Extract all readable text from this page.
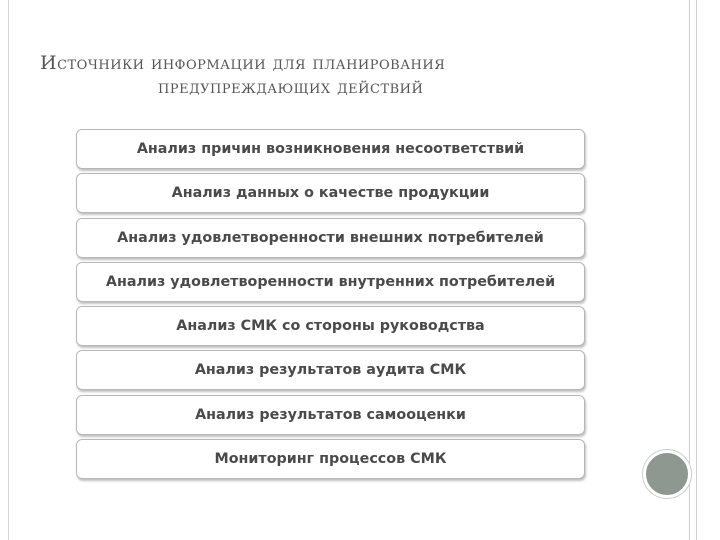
Источники информации для планирования
предупреждающих действий
Анализ причин возникновения несоответствий
Анализ данных о качестве продукции
Анализ удовлетворенности внешних потребителей
Анализ удовлетворенности внутренних потребителей
Анализ СМК со стороны руководства
Анализ результатов аудита СМК
Анализ результатов самооценки
Мониторинг процессов СМК
